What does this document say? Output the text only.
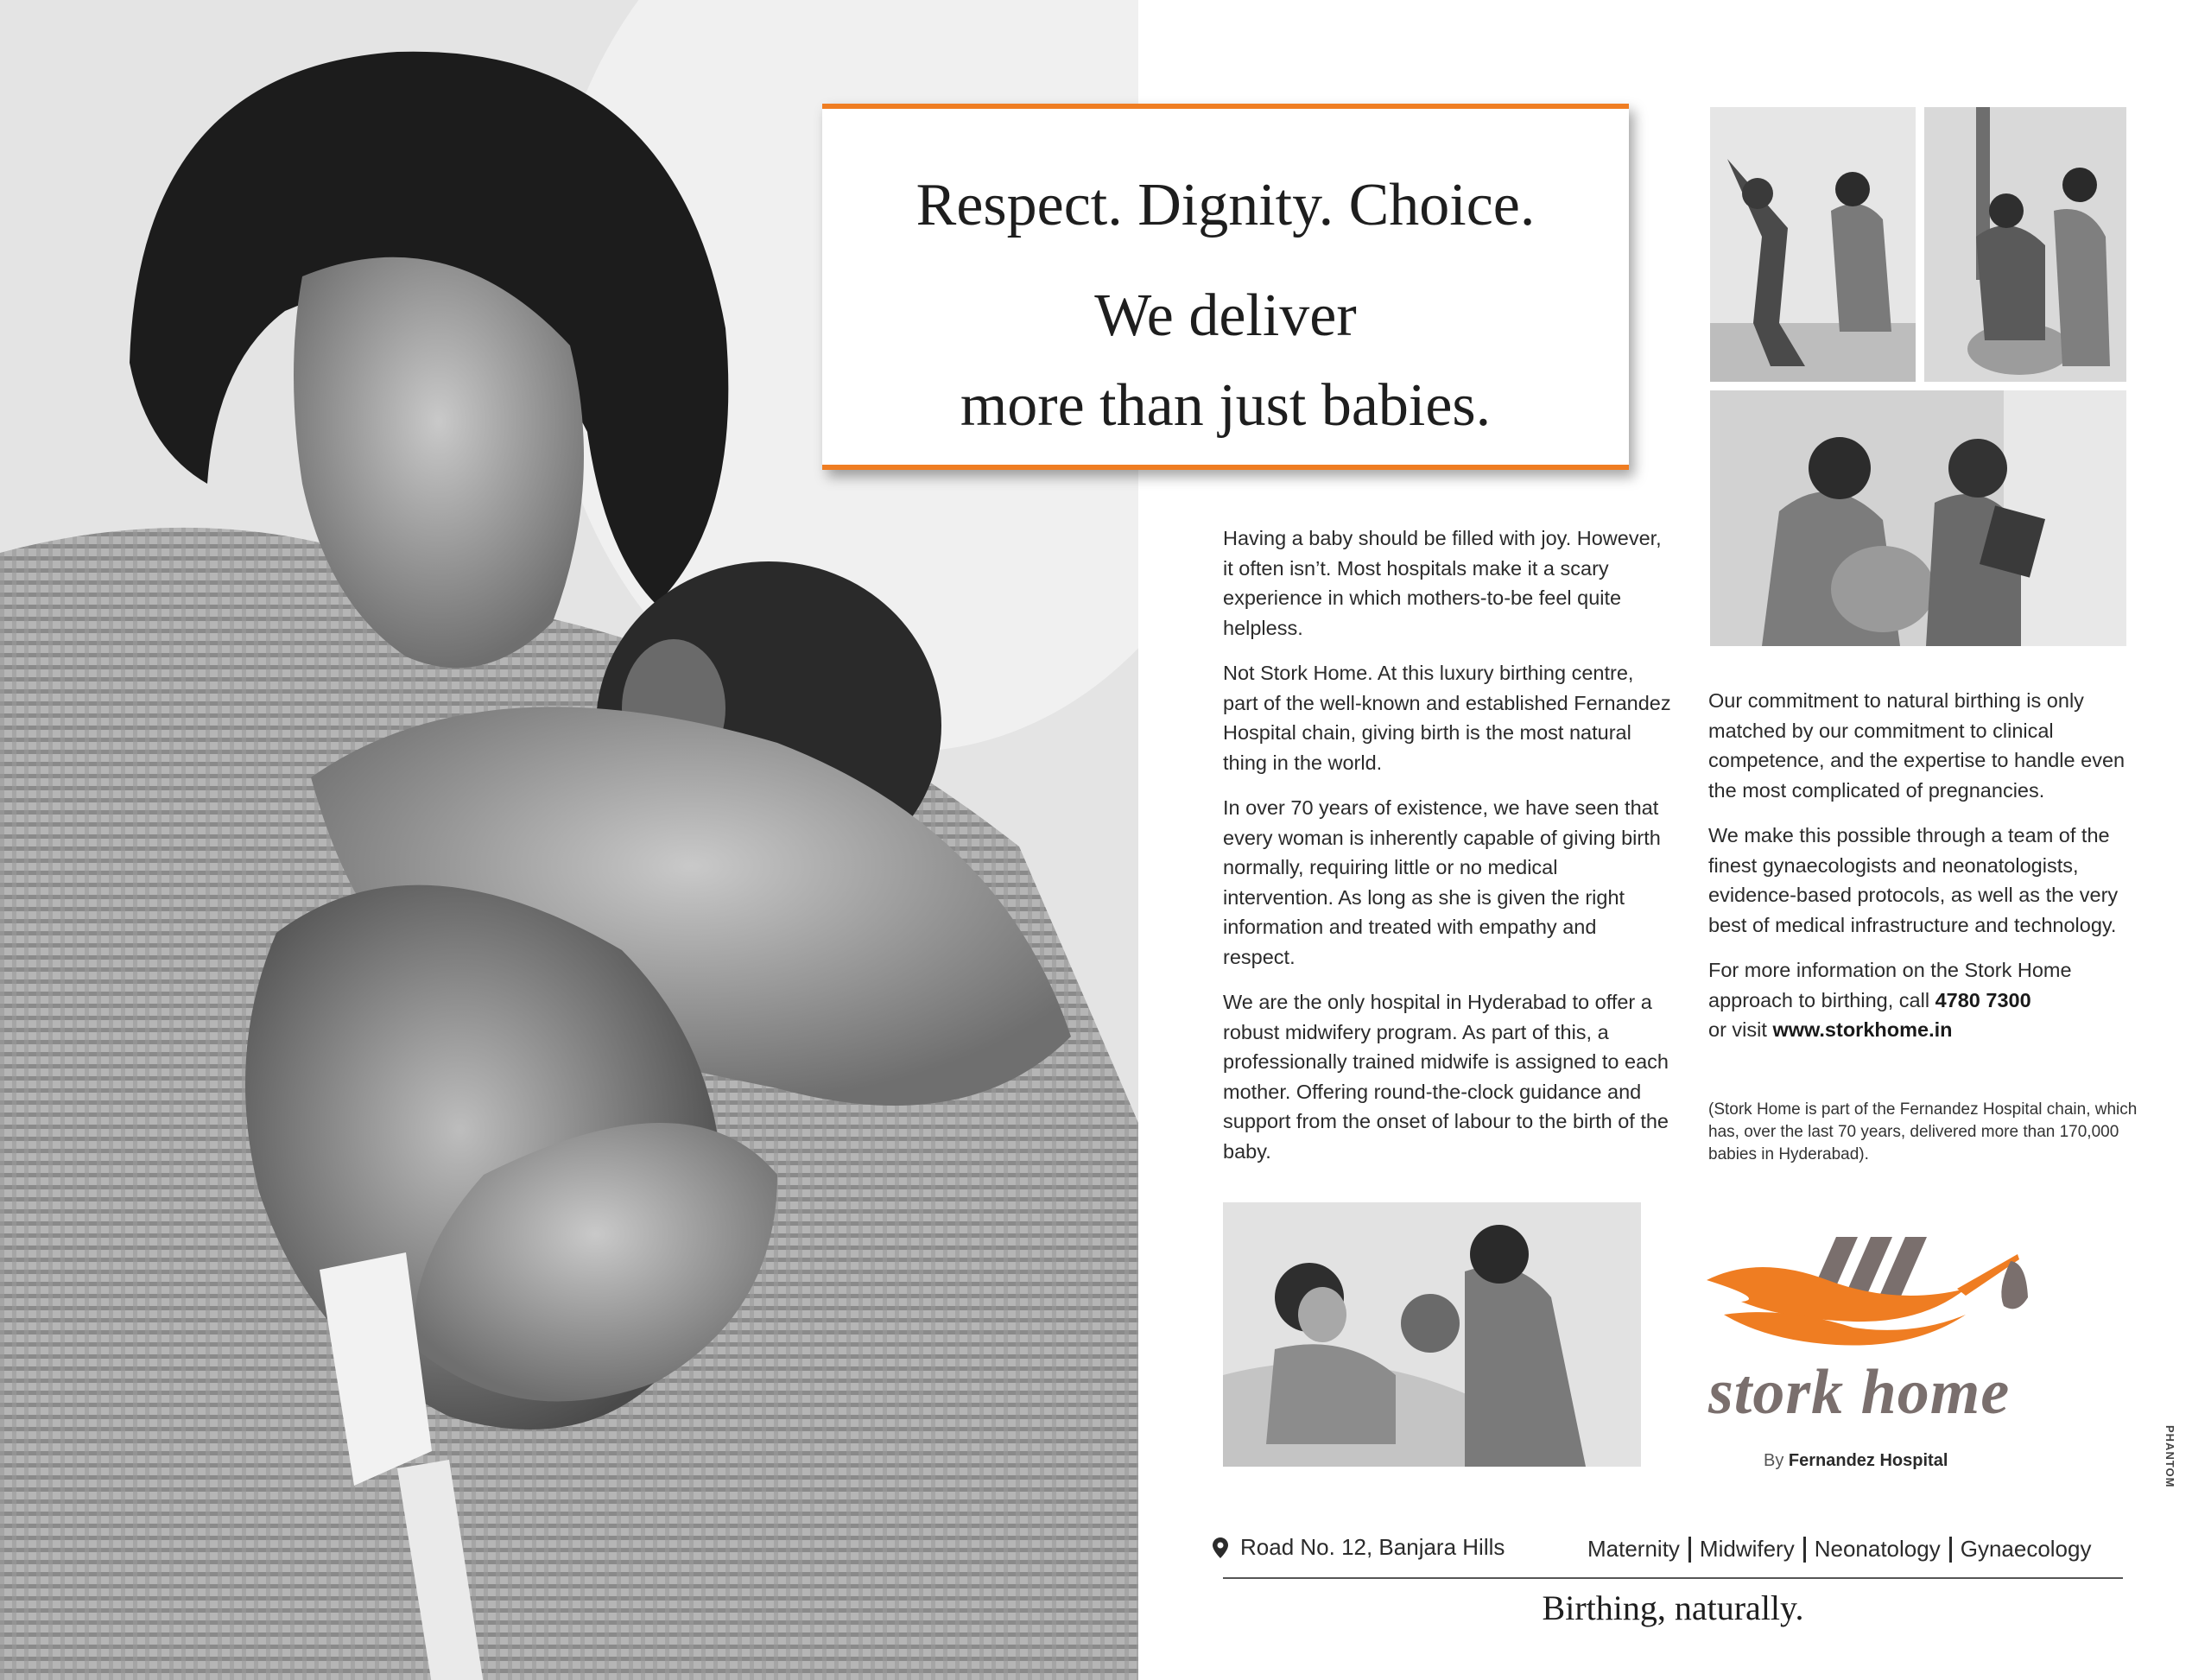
Respect. Dignity. Choice.
We deliver
more than just babies.

Having a baby should be filled with joy. However, it often isn’t. Most hospitals make it a scary experience in which mothers-to-be feel quite helpless.

Not Stork Home. At this luxury birthing centre, part of the well-known and established Fernandez Hospital chain, giving birth is the most natural thing in the world.

In over 70 years of existence, we have seen that every woman is inherently capable of giving birth normally, requiring little or no medical intervention. As long as she is given the right information and treated with empathy and respect.

We are the only hospital in Hyderabad to offer a robust midwifery program. As part of this, a professionally trained midwife is assigned to each mother. Offering round-the-clock guidance and support from the onset of labour to the birth of the baby.

Our commitment to natural birthing is only matched by our commitment to clinical competence, and the expertise to handle even the most complicated of pregnancies.

We make this possible through a team of the finest gynaecologists and neonatologists, evidence-based protocols, as well as the very best of medical infrastructure and technology.

For more information on the Stork Home approach to birthing, call 4780 7300
or visit www.storkhome.in

(Stork Home is part of the Fernandez Hospital chain, which has, over the last 70 years, delivered more than 170,000 babies in Hyderabad).
stork home
By Fernandez Hospital
Road No. 12, Banjara Hills	Maternity Midwifery Neonatology Gynaecology
Birthing, naturally.
PHANTOM
